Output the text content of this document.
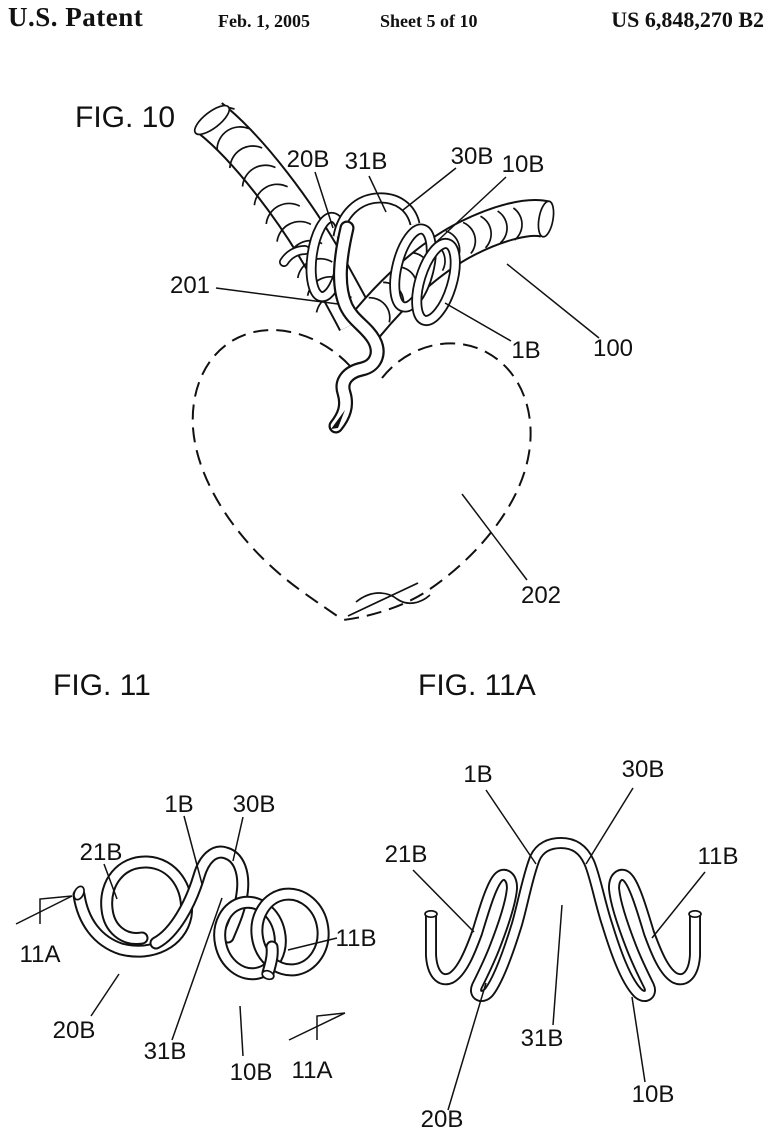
U.S. Patent	Feb. 1, 2005	Sheet 5 of 10	US 6,848,270 B2
FIG. 10
20B 31B	30B 10B
201
1B 100
202
FIG. 11
21B
1B 30B
11B
20B
31B
10B
11A
11A
FIG. 11A
1B	30B
21B	11B
31B
20B
10B
